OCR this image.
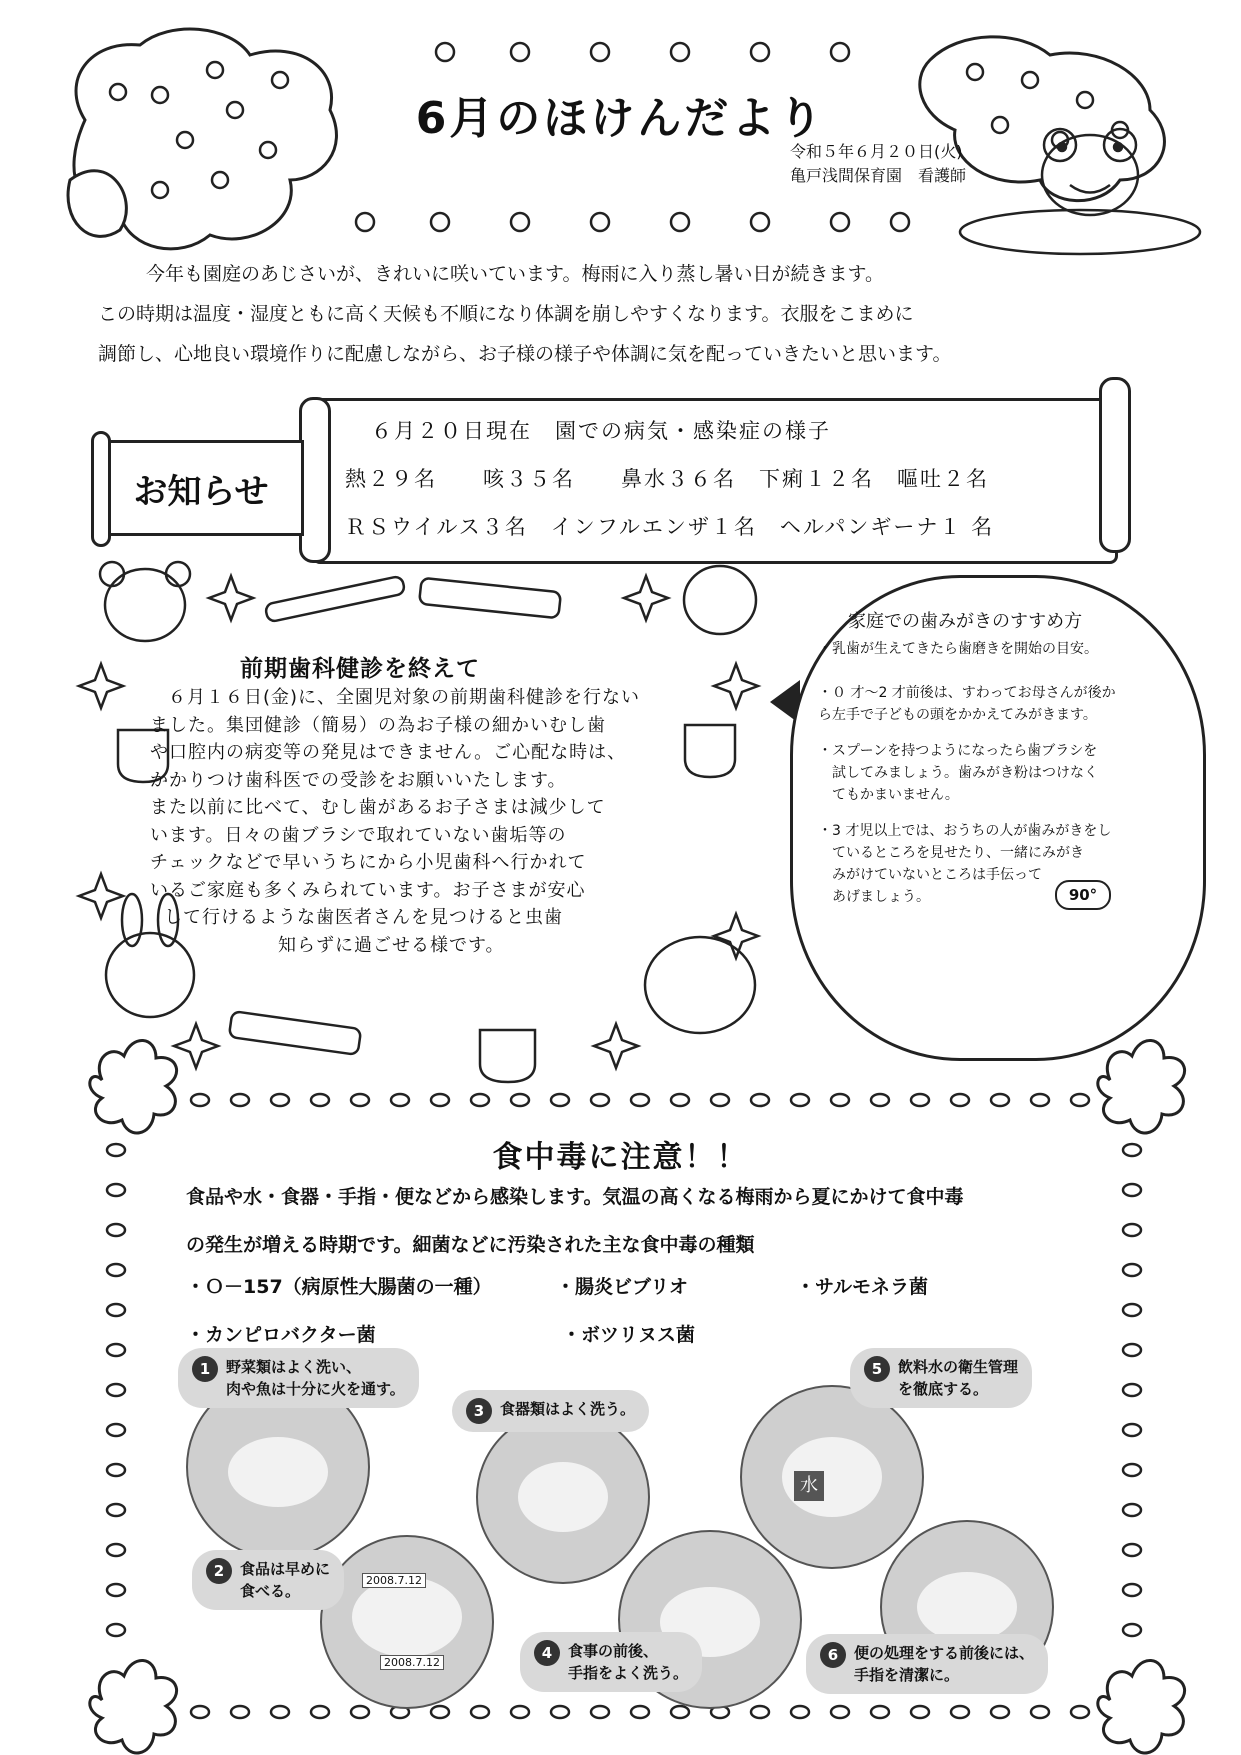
6月のほけんだより
令和５年６月２０日(火)
亀戸浅間保育園　看護師

今年も園庭のあじさいが、きれいに咲いています。梅雨に入り蒸し暑い日が続きます。

この時期は温度・湿度ともに高く天候も不順になり体調を崩しやすくなります。衣服をこまめに

調節し、心地良い環境作りに配慮しながら、お子様の様子や体調に気を配っていきたいと思います。

６月２０日現在　園での病気・感染症の様子
熱２９名　　咳３５名　　鼻水３６名　下痢１２名　嘔吐２名
ＲＳウイルス３名　インフルエンザ１名　ヘルパンギーナ１ 名
お知らせ
前期歯科健診を終えて

６月１６日(金)に、全園児対象の前期歯科健診を行ない

ました。集団健診（簡易）の為お子様の細かいむし歯

や口腔内の病変等の発見はできません。ご心配な時は、

かかりつけ歯科医での受診をお願いいたします。

また以前に比べて、むし歯があるお子さまは減少して

います。日々の歯ブラシで取れていない歯垢等の

チェックなどで早いうちにから小児歯科へ行かれて

いるご家庭も多くみられています。お子さまが安心

して行けるような歯医者さんを見つけると虫歯

知らずに過ごせる様です。

家庭での歯みがきのすすめ方
・乳歯が生えてきたら歯磨きを開始の目安。
・０ 才～2 才前後は、すわってお母さんが後か
ら左手で子どもの頭をかかえてみがきます。
・スプーンを持つようになったら歯ブラシを
　試してみましょう。歯みがき粉はつけなく
　てもかまいません。
・3 才児以上では、おうちの人が歯みがきをし
　ているところを見せたり、一緒にみがき
　みがけていないところは手伝って
　あげましょう。	90°
食中毒に注意！！

食品や水・食器・手指・便などから感染します。気温の高くなる梅雨から夏にかけて食中毒

の発生が増える時期です。細菌などに汚染された主な食中毒の種類

・Ｏ－157（病原性大腸菌の一種）	・腸炎ビブリオ	・サルモネラ菌
・カンピロバクター菌	・ボツリヌス菌
2008.7.12
2008.7.12
水
1	野菜類はよく洗い、
肉や魚は十分に火を通す。
2	食品は早めに
食べる。
3	食器類はよく洗う。
4	食事の前後、
手指をよく洗う。
5	飲料水の衛生管理
を徹底する。
6	便の処理をする前後には、
手指を清潔に。
